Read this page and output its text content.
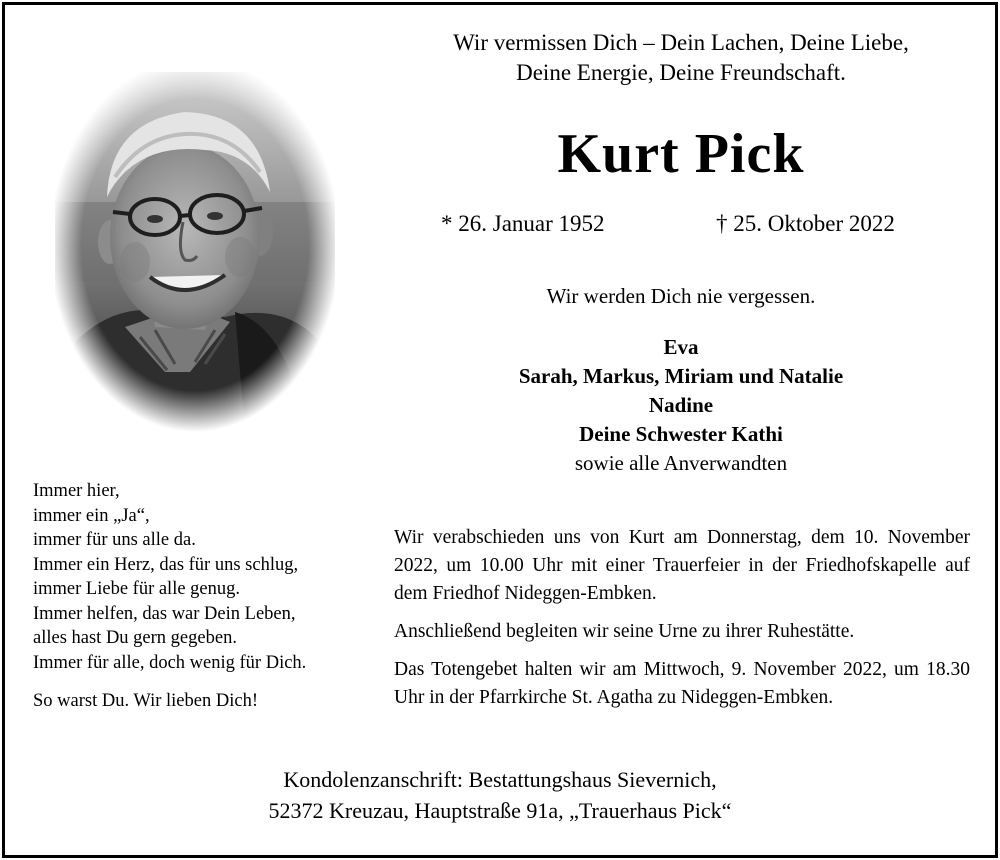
Wir vermissen Dich – Dein Lachen, Deine Liebe,
Deine Energie, Deine Freundschaft.
Kurt Pick
* 26. Januar 1952	† 25. Oktober 2022
Wir werden Dich nie vergessen.
Eva
Sarah, Markus, Miriam und Natalie
Nadine
Deine Schwester Kathi
sowie alle Anverwandten
Immer hier,
immer ein „Ja“,
immer für uns alle da.
Immer ein Herz, das für uns schlug,
immer Liebe für alle genug.
Immer helfen, das war Dein Leben,
alles hast Du gern gegeben.
Immer für alle, doch wenig für Dich.
So warst Du. Wir lieben Dich!

Wir verabschieden uns von Kurt am Donnerstag, dem 10. November 2022, um 10.00 Uhr mit einer Trauerfeier in der Friedhofskapelle auf dem Friedhof Nideggen-Embken.

Anschließend begleiten wir seine Urne zu ihrer Ruhestätte.

Das Totengebet halten wir am Mittwoch, 9. November 2022, um 18.30 Uhr in der Pfarrkirche St. Agatha zu Nideggen-Embken.

Kondolenzanschrift: Bestattungshaus Sievernich,
52372 Kreuzau, Hauptstraße 91a, „Trauerhaus Pick“
